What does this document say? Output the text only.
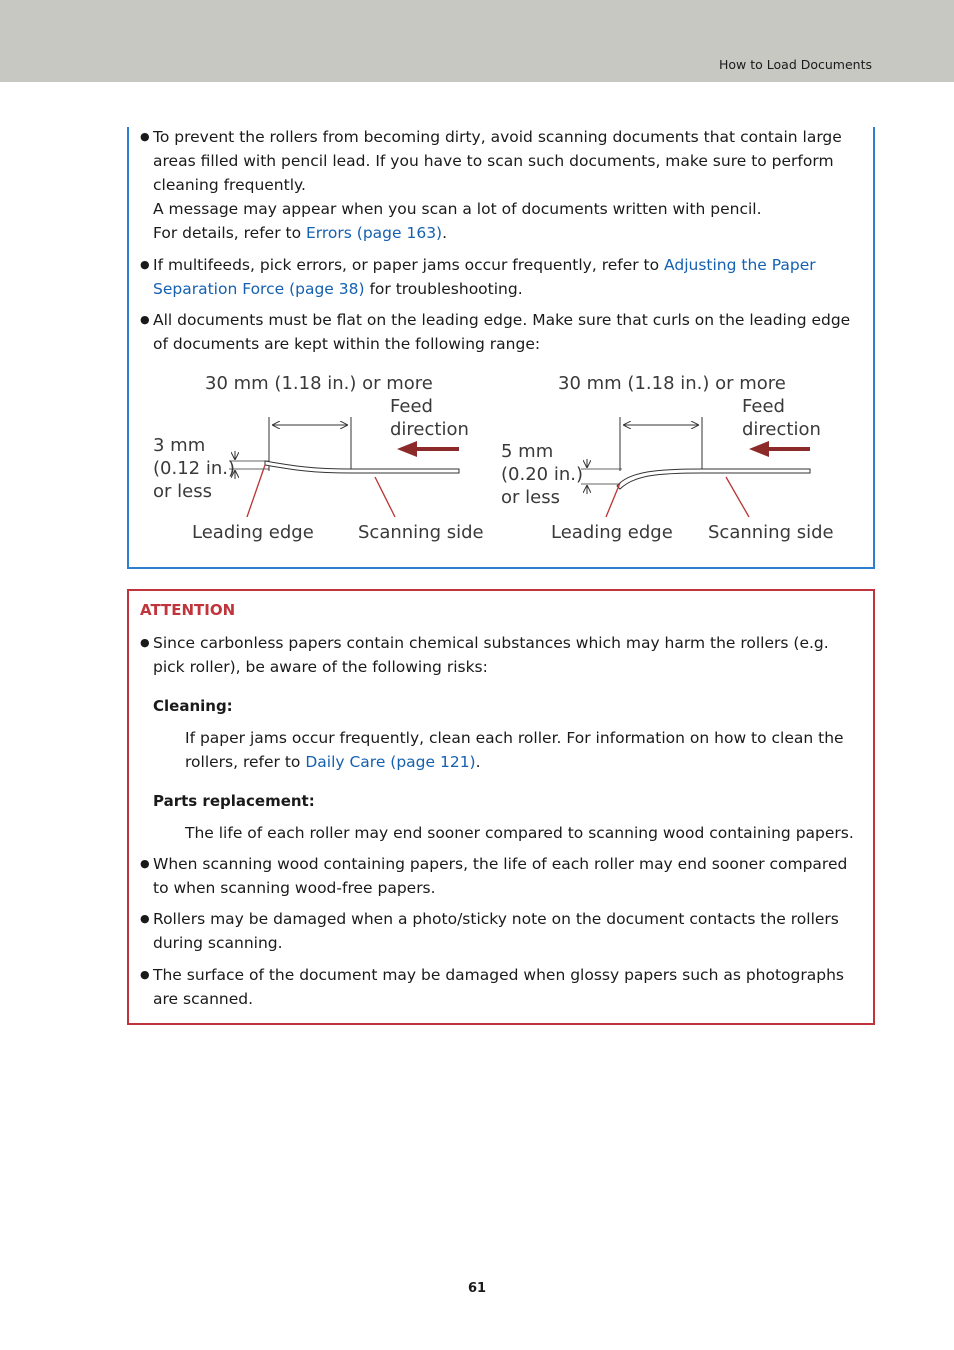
How to Load Documents
● To prevent the rollers from becoming dirty, avoid scanning documents that contain large areas filled with pencil lead. If you have to scan such documents, make sure to perform cleaning frequently.
A message may appear when you scan a lot of documents written with pencil.
For details, refer to Errors (page 163).
● If multifeeds, pick errors, or paper jams occur frequently, refer to Adjusting the Paper Separation Force (page 38) for troubleshooting.
● All documents must be flat on the leading edge. Make sure that curls on the leading edge of documents are kept within the following range:
30 mm (1.18 in.) or more
Feed
direction
3 mm
(0.12 in.)
or less
Leading edge Scanning side
30 mm (1.18 in.) or more
Feed
direction
5 mm
(0.20 in.)
or less
Leading edge Scanning side
ATTENTION
● Since carbonless papers contain chemical substances which may harm the rollers (e.g. pick roller), be aware of the following risks:
Cleaning:
If paper jams occur frequently, clean each roller. For information on how to clean the rollers, refer to Daily Care (page 121).
Parts replacement:
The life of each roller may end sooner compared to scanning wood containing papers.
● When scanning wood containing papers, the life of each roller may end sooner compared to when scanning wood-free papers.
● Rollers may be damaged when a photo/sticky note on the document contacts the rollers during scanning.
● The surface of the document may be damaged when glossy papers such as photographs are scanned.
61
